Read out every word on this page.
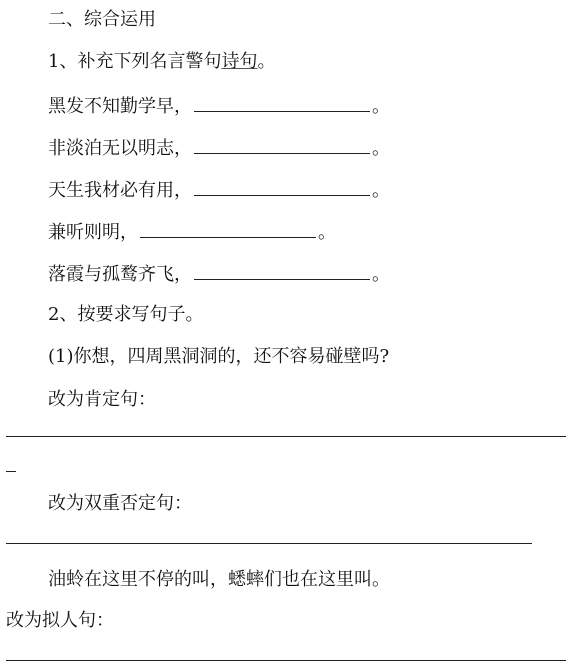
二、综合运用
1、补充下列名言警句诗句。
黑发不知勤学早，	。
非淡泊无以明志，	。
天生我材必有用，	。
兼听则明，	。
落霞与孤鹜齐飞，	。
2、按要求写句子。
(1)你想，四周黑洞洞的，还不容易碰壁吗?
改为肯定句：
改为双重否定句：
油蛉在这里不停的叫，蟋蟀们也在这里叫。
改为拟人句：
